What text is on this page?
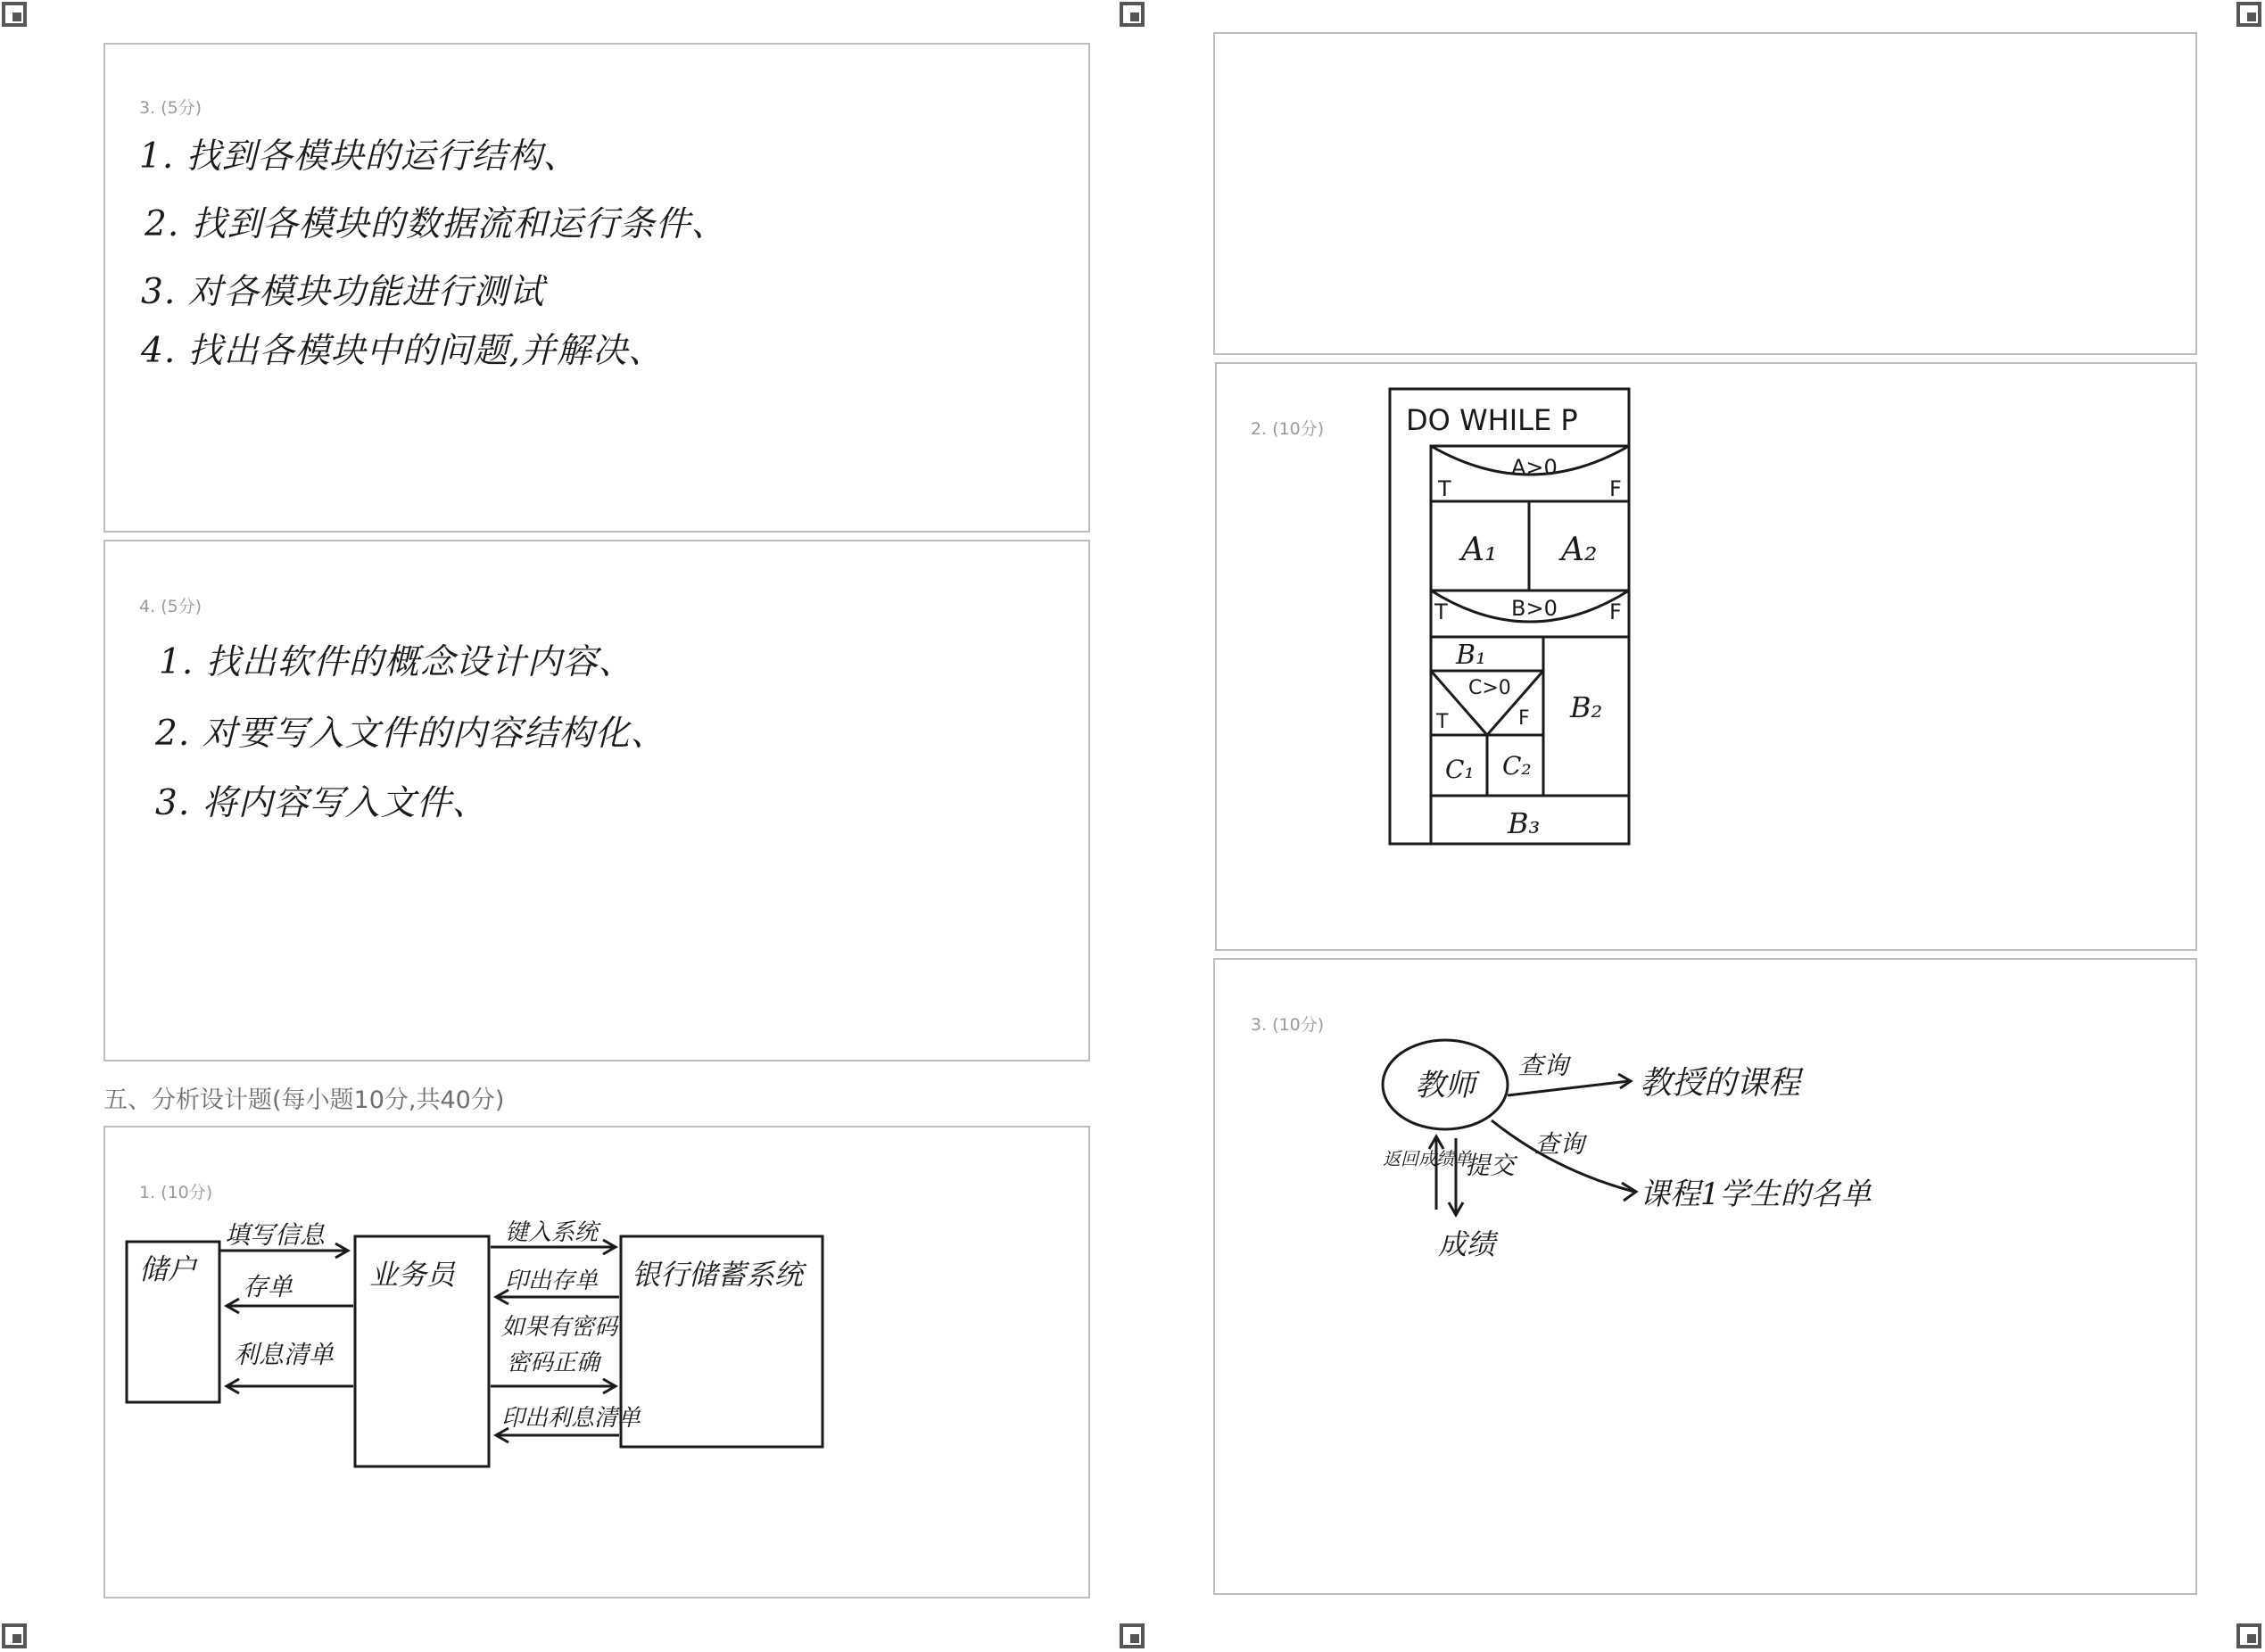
3. (5分)
1. 找到各模块的运行结构、
2. 找到各模块的数据流和运行条件、
3. 对各模块功能进行测试
4. 找出各模块中的问题,并解决、
4. (5分)
1. 找出软件的概念设计内容、
2. 对要写入文件的内容结构化、
3. 将内容写入文件、
五、分析设计题(每小题10分,共40分)
1. (10分)
储户	业务员	银行储蓄系统
填写信息
存单
利息清单
键入系统
印出存单
如果有密码
密码正确
印出利息清单
2. (10分)	DO WHILE P
T
A>0
F
A₁ A₂
T	B>0 F
B₁
B₂
C>0
T	F
C₁ C₂
B₃
3. (10分)
教师
查询 教授的课程
查询
课程1学生的名单
返回成绩单
提交
成绩
